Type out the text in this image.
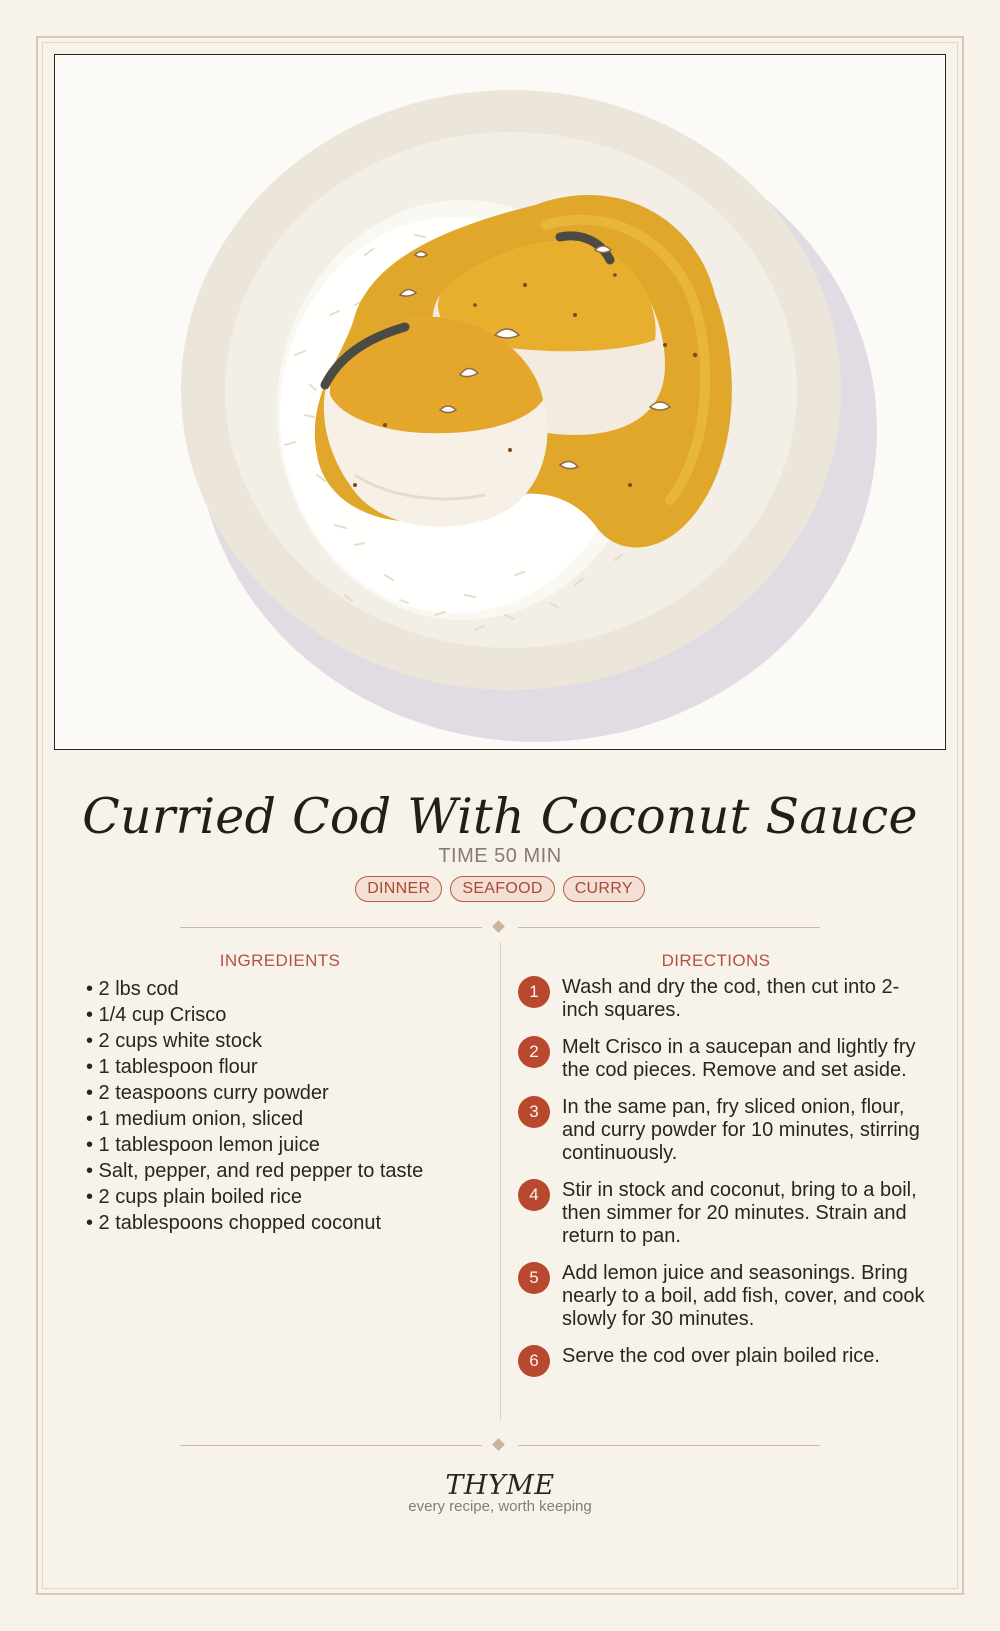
Curried Cod With Coconut Sauce
TIME 50 MIN
DINNER	SEAFOOD	CURRY
INGREDIENTS
• 2 lbs cod
• 1/4 cup Crisco
• 2 cups white stock
• 1 tablespoon flour
• 2 teaspoons curry powder
• 1 medium onion, sliced
• 1 tablespoon lemon juice
• Salt, pepper, and red pepper to taste
• 2 cups plain boiled rice
• 2 tablespoons chopped coconut
DIRECTIONS
1	Wash and dry the cod, then cut into 2-inch squares.
2	Melt Crisco in a saucepan and lightly fry the cod pieces. Remove and set aside.
3	In the same pan, fry sliced onion, flour, and curry powder for 10 minutes, stirring continuously.
4	Stir in stock and coconut, bring to a boil, then simmer for 20 minutes. Strain and return to pan.
5	Add lemon juice and seasonings. Bring nearly to a boil, add fish, cover, and cook slowly for 30 minutes.
6	Serve the cod over plain boiled rice.
THYME
every recipe, worth keeping
